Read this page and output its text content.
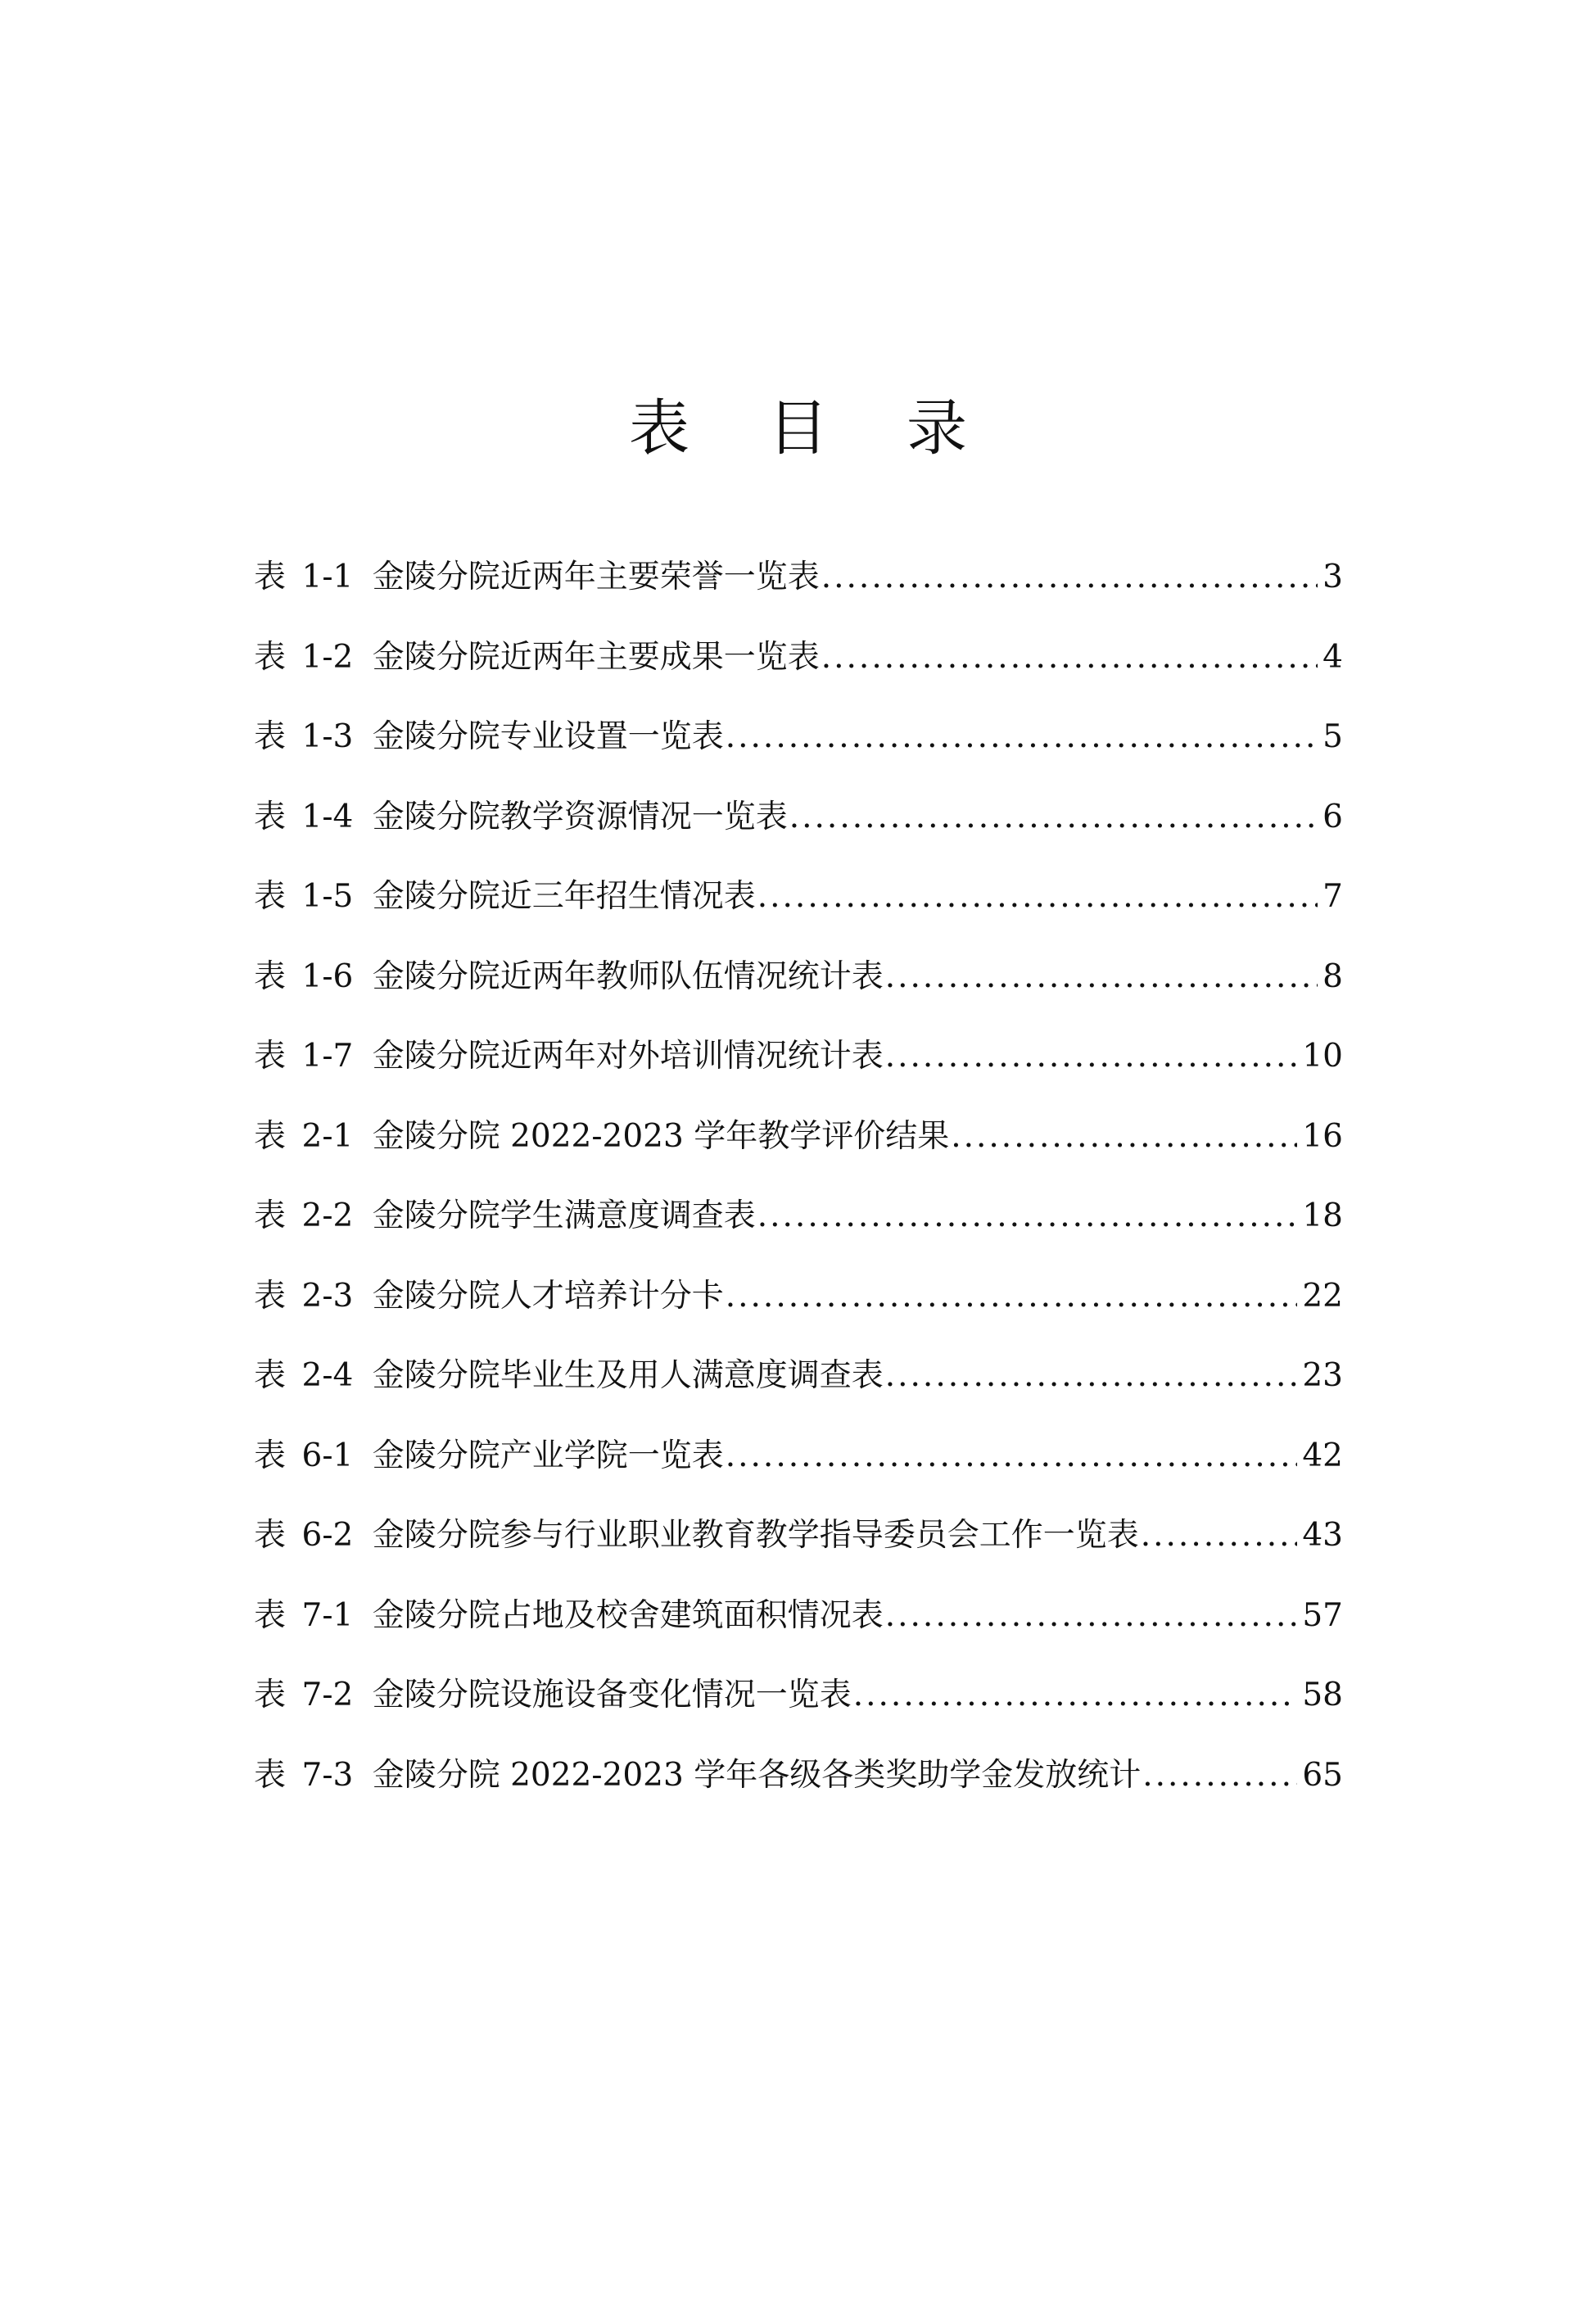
表 目 录
表 1-1 金陵分院近两年主要荣誉一览表 .....	3
表 1-2 金陵分院近两年主要成果一览表 .....	4
表 1-3 金陵分院专业设置一览表 .....	5
表 1-4 金陵分院教学资源情况一览表 .....	6
表 1-5 金陵分院近三年招生情况表 .....	7
表 1-6 金陵分院近两年教师队伍情况统计表 .....	8
表 1-7 金陵分院近两年对外培训情况统计表 .....	10
表 2-1 金陵分院 2022-2023 学年教学评价结果 .....	16
表 2-2 金陵分院学生满意度调查表 .....	18
表 2-3 金陵分院人才培养计分卡 .....	22
表 2-4 金陵分院毕业生及用人满意度调查表 .....	23
表 6-1 金陵分院产业学院一览表 .....	42
表 6-2 金陵分院参与行业职业教育教学指导委员会工作一览表 .....	43
表 7-1 金陵分院占地及校舍建筑面积情况表 .....	57
表 7-2 金陵分院设施设备变化情况一览表 .....	58
表 7-3 金陵分院 2022-2023 学年各级各类奖助学金发放统计 .....	65
